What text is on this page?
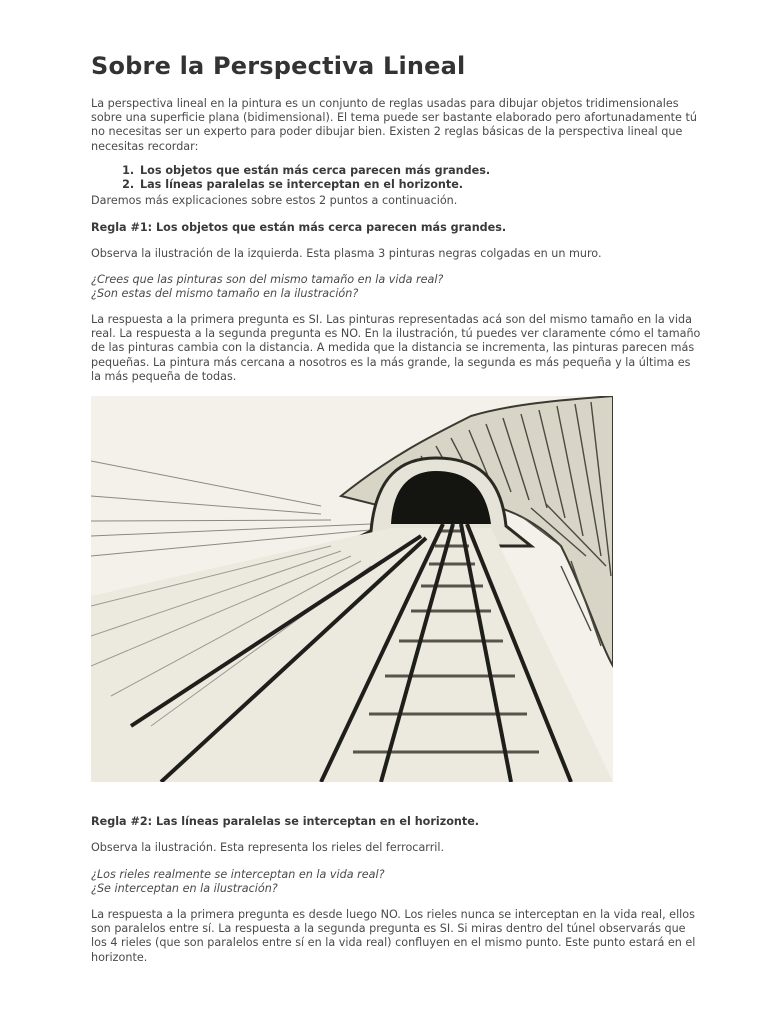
Sobre la Perspectiva Lineal

La perspectiva lineal en la pintura es un conjunto de reglas usadas para dibujar objetos tridimensionales sobre una superficie plana (bidimensional). El tema puede ser bastante elaborado pero afortunadamente tú no necesitas ser un experto para poder dibujar bien. Existen 2 reglas básicas de la perspectiva lineal que necesitas recordar:

1. Los objetos que están más cerca parecen más grandes.
2. Las líneas paralelas se interceptan en el horizonte.

Daremos más explicaciones sobre estos 2 puntos a continuación.

Regla #1: Los objetos que están más cerca parecen más grandes.

Observa la ilustración de la izquierda. Esta plasma 3 pinturas negras colgadas en un muro.

¿Crees que las pinturas son del mismo tamaño en la vida real?

¿Son estas del mismo tamaño en la ilustración?

La respuesta a la primera pregunta es SI. Las pinturas representadas acá son del mismo tamaño en la vida real. La respuesta a la segunda pregunta es NO. En la ilustración, tú puedes ver claramente cómo el tamaño de las pinturas cambia con la distancia. A medida que la distancia se incrementa, las pinturas parecen más pequeñas. La pintura más cercana a nosotros es la más grande, la segunda es más pequeña y la última es la más pequeña de todas.

Regla #2: Las líneas paralelas se interceptan en el horizonte.

Observa la ilustración. Esta representa los rieles del ferrocarril.

¿Los rieles realmente se interceptan en la vida real?

¿Se interceptan en la ilustración?

La respuesta a la primera pregunta es desde luego NO. Los rieles nunca se interceptan en la vida real, ellos son paralelos entre sí. La respuesta a la segunda pregunta es SI. Si miras dentro del túnel observarás que los 4 rieles (que son paralelos entre sí en la vida real) confluyen en el mismo punto. Este punto estará en el horizonte.
